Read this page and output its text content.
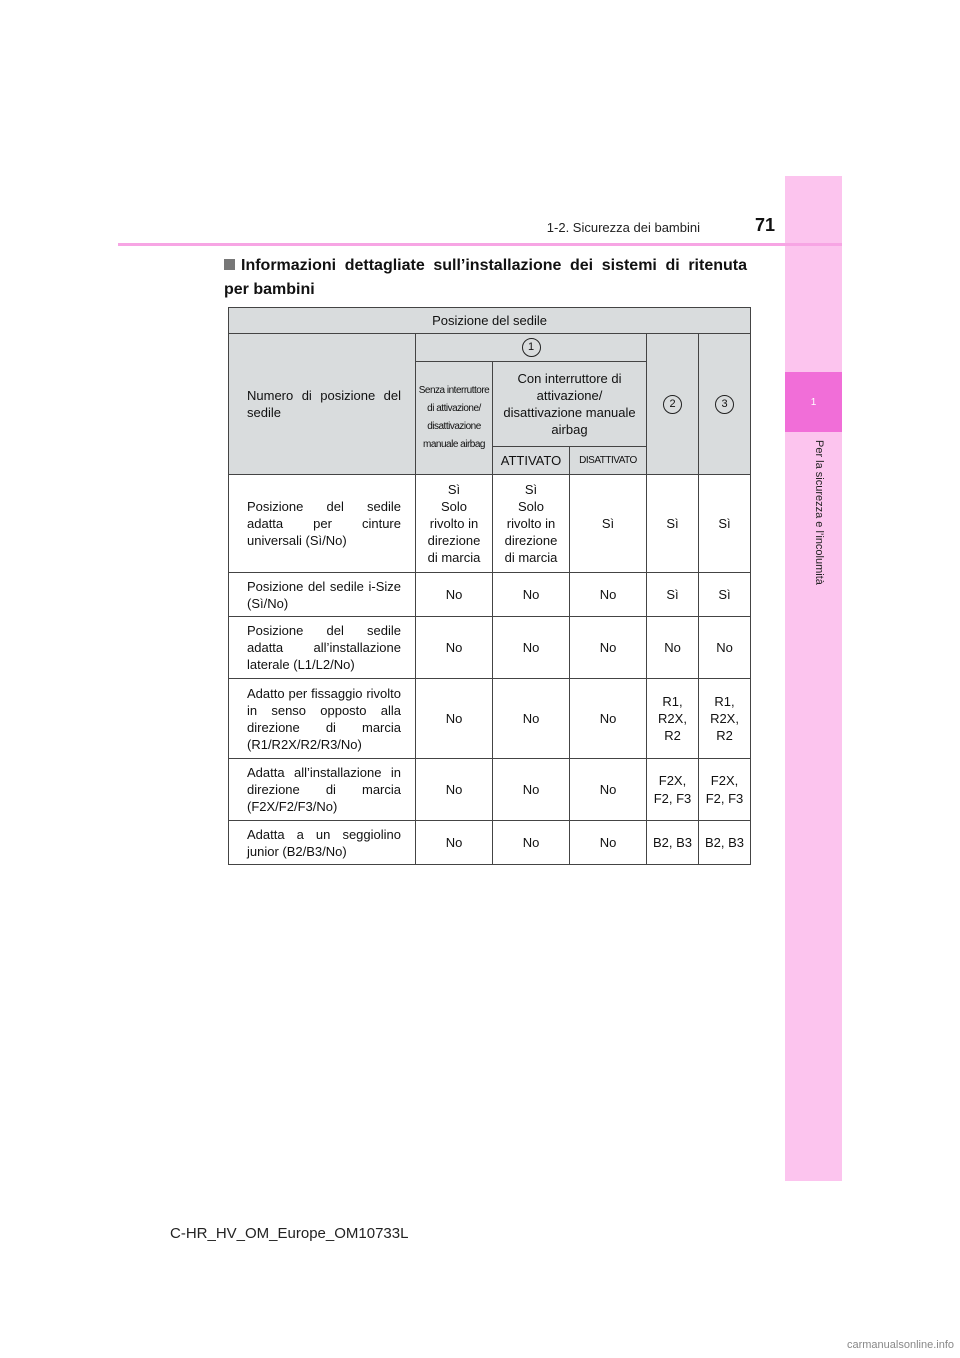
1
Per la sicurezza e l’incolumità
1-2. Sicurezza dei bambini	71
Informazioni dettagliate sull’installazione dei sistemi di ritenuta per bambini
Posizione del sedile					
Numero di posizione del sedile	1			2	3
	Senza interruttore di attivazione/ disattivazione manuale airbag	Con interruttore di attivazione/ disattivazione manuale airbag			
		ATTIVATO	DISATTIVATO		
Posizione del sedile adatta per cinture universali (Sì/No)	Sì
Solo
rivolto in
direzione
di marcia	Sì
Solo
rivolto in
direzione
di marcia	Sì	Sì	Sì
Posizione del sedile i-Size (Sì/No)	No	No	No	Sì	Sì
Posizione del sedile adatta all’installazione laterale (L1/L2/No)	No	No	No	No	No
Adatto per fissaggio rivolto in senso opposto alla direzione di marcia (R1/R2X/R2/R3/No)	No	No	No	R1,
R2X,
R2	R1,
R2X,
R2
Adatta all’installazione in direzione di marcia (F2X/F2/F3/No)	No	No	No	F2X,
F2, F3	F2X,
F2, F3
Adatta a un seggiolino junior (B2/B3/No)	No	No	No	B2, B3	B2, B3
C-HR_HV_OM_Europe_OM10733L
carmanualsonline.info
